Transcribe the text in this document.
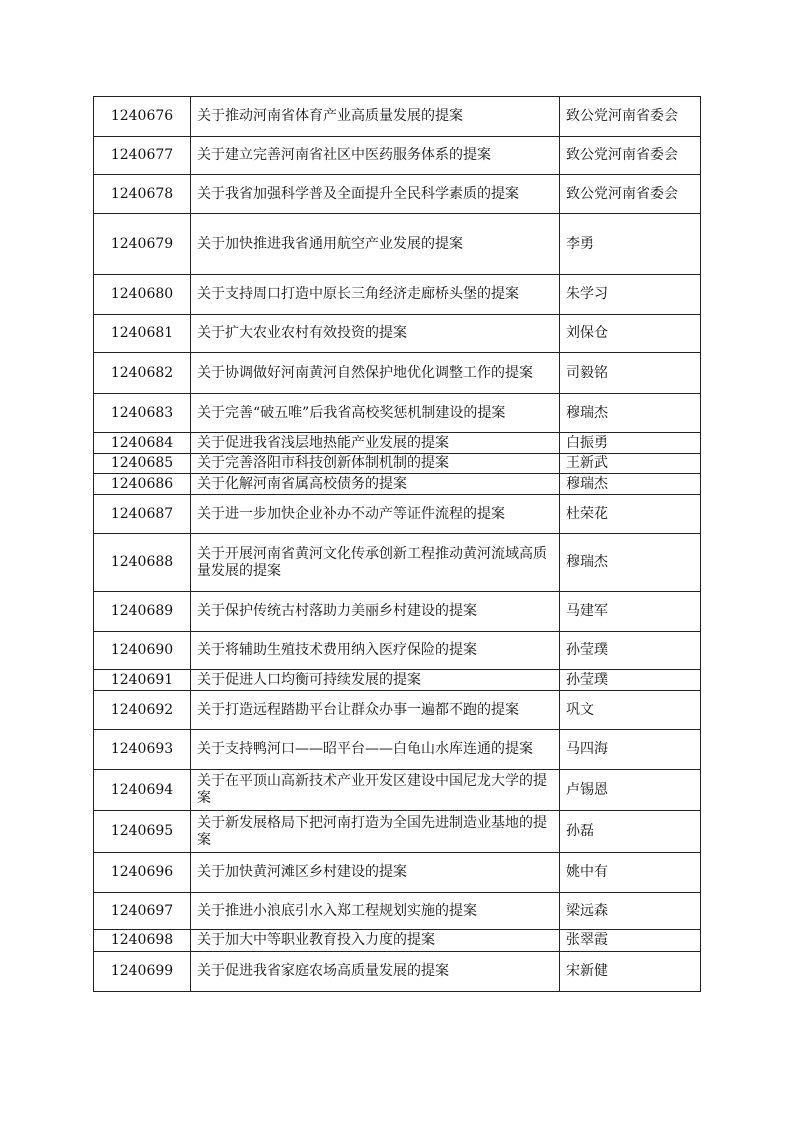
1240676	关于推动河南省体育产业高质量发展的提案	致公党河南省委会
1240677	关于建立完善河南省社区中医药服务体系的提案	致公党河南省委会
1240678	关于我省加强科学普及全面提升全民科学素质的提案	致公党河南省委会
1240679	关于加快推进我省通用航空产业发展的提案	李勇
1240680	关于支持周口打造中原长三角经济走廊桥头堡的提案	朱学习
1240681	关于扩大农业农村有效投资的提案	刘保仓
1240682	关于协调做好河南黄河自然保护地优化调整工作的提案	司毅铭
1240683	关于完善“破五唯”后我省高校奖惩机制建设的提案	穆瑞杰
1240684	关于促进我省浅层地热能产业发展的提案	白振勇
1240685	关于完善洛阳市科技创新体制机制的提案	王新武
1240686	关于化解河南省属高校债务的提案	穆瑞杰
1240687	关于进一步加快企业补办不动产等证件流程的提案	杜荣花
1240688	关于开展河南省黄河文化传承创新工程推动黄河流域高质量发展的提案	穆瑞杰
1240689	关于保护传统古村落助力美丽乡村建设的提案	马建军
1240690	关于将辅助生殖技术费用纳入医疗保险的提案	孙莹璞
1240691	关于促进人口均衡可持续发展的提案	孙莹璞
1240692	关于打造远程踏勘平台让群众办事一遍都不跑的提案	巩文
1240693	关于支持鸭河口——昭平台——白龟山水库连通的提案	马四海
1240694	关于在平顶山高新技术产业开发区建设中国尼龙大学的提案	卢锡恩
1240695	关于新发展格局下把河南打造为全国先进制造业基地的提案	孙磊
1240696	关于加快黄河滩区乡村建设的提案	姚中有
1240697	关于推进小浪底引水入郑工程规划实施的提案	梁远森
1240698	关于加大中等职业教育投入力度的提案	张翠霞
1240699	关于促进我省家庭农场高质量发展的提案	宋新健
